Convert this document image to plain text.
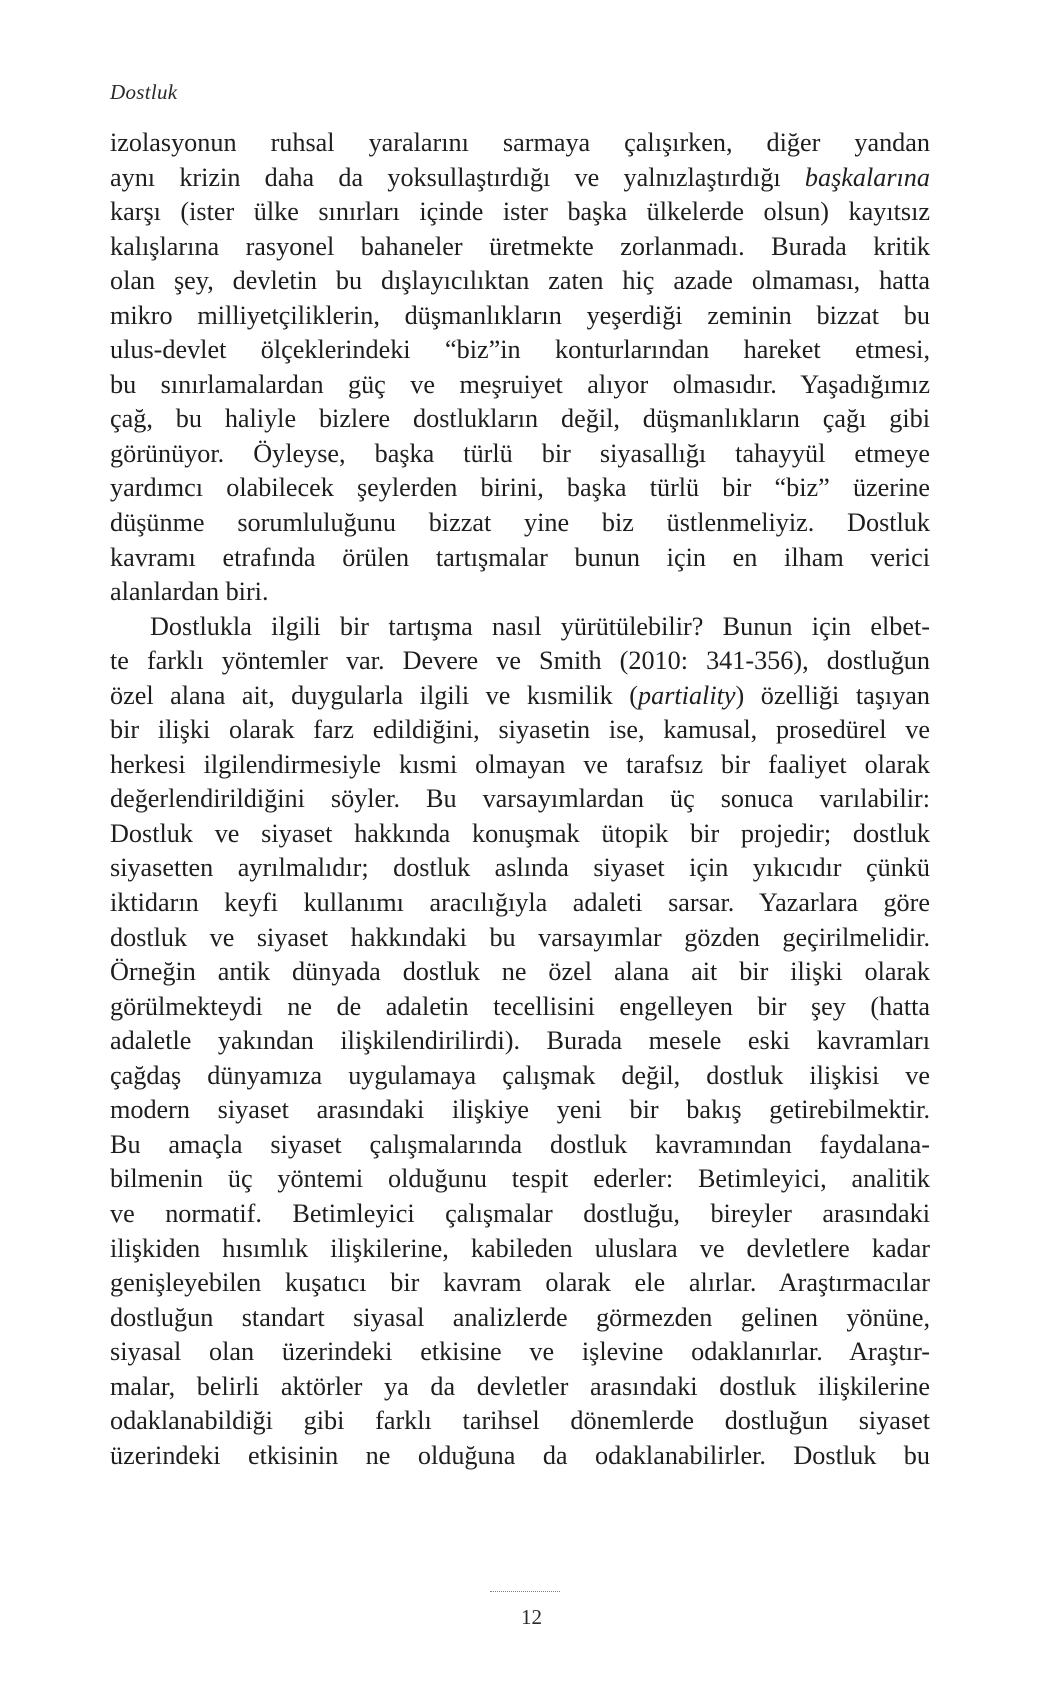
Dostluk
izolasyonun ruhsal yaralarını sarmaya çalışırken, diğer yandan
aynı krizin daha da yoksullaştırdığı ve yalnızlaştırdığı başkalarına
karşı (ister ülke sınırları içinde ister başka ülkelerde olsun) kayıtsız
kalışlarına rasyonel bahaneler üretmekte zorlanmadı. Burada kritik
olan şey, devletin bu dışlayıcılıktan zaten hiç azade olmaması, hatta
mikro milliyetçiliklerin, düşmanlıkların yeşerdiği zeminin bizzat bu
ulus-devlet ölçeklerindeki “biz”in konturlarından hareket etmesi,
bu sınırlamalardan güç ve meşruiyet alıyor olmasıdır. Yaşadığımız
çağ, bu haliyle bizlere dostlukların değil, düşmanlıkların çağı gibi
görünüyor. Öyleyse, başka türlü bir siyasallığı tahayyül etmeye
yardımcı olabilecek şeylerden birini, başka türlü bir “biz” üzerine
düşünme sorumluluğunu bizzat yine biz üstlenmeliyiz. Dostluk
kavramı etrafında örülen tartışmalar bunun için en ilham verici
alanlardan biri.
Dostlukla ilgili bir tartışma nasıl yürütülebilir? Bunun için elbet-
te farklı yöntemler var. Devere ve Smith (2010: 341-356), dostluğun
özel alana ait, duygularla ilgili ve kısmilik (partiality) özelliği taşıyan
bir ilişki olarak farz edildiğini, siyasetin ise, kamusal, prosedürel ve
herkesi ilgilendirmesiyle kısmi olmayan ve tarafsız bir faaliyet olarak
değerlendirildiğini söyler. Bu varsayımlardan üç sonuca varılabilir:
Dostluk ve siyaset hakkında konuşmak ütopik bir projedir; dostluk
siyasetten ayrılmalıdır; dostluk aslında siyaset için yıkıcıdır çünkü
iktidarın keyfi kullanımı aracılığıyla adaleti sarsar. Yazarlara göre
dostluk ve siyaset hakkındaki bu varsayımlar gözden geçirilmelidir.
Örneğin antik dünyada dostluk ne özel alana ait bir ilişki olarak
görülmekteydi ne de adaletin tecellisini engelleyen bir şey (hatta
adaletle yakından ilişkilendirilirdi). Burada mesele eski kavramları
çağdaş dünyamıza uygulamaya çalışmak değil, dostluk ilişkisi ve
modern siyaset arasındaki ilişkiye yeni bir bakış getirebilmektir.
Bu amaçla siyaset çalışmalarında dostluk kavramından faydalana-
bilmenin üç yöntemi olduğunu tespit ederler: Betimleyici, analitik
ve normatif. Betimleyici çalışmalar dostluğu, bireyler arasındaki
ilişkiden hısımlık ilişkilerine, kabileden uluslara ve devletlere kadar
genişleyebilen kuşatıcı bir kavram olarak ele alırlar. Araştırmacılar
dostluğun standart siyasal analizlerde görmezden gelinen yönüne,
siyasal olan üzerindeki etkisine ve işlevine odaklanırlar. Araştır-
malar, belirli aktörler ya da devletler arasındaki dostluk ilişkilerine
odaklanabildiği gibi farklı tarihsel dönemlerde dostluğun siyaset
üzerindeki etkisinin ne olduğuna da odaklanabilirler. Dostluk bu
12
